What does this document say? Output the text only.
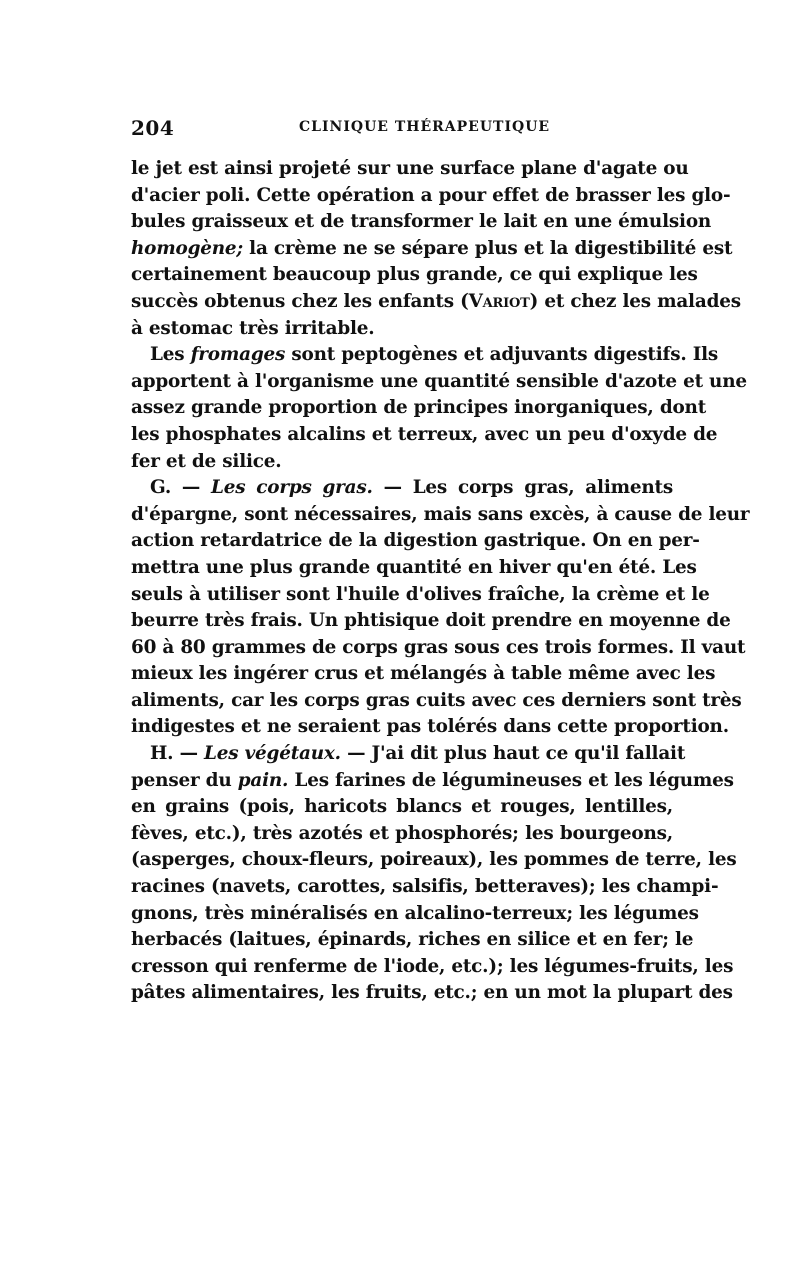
204	CLINIQUE THÉRAPEUTIQUE
le jet est ainsi projeté sur une surface plane d'agate ou
d'acier poli. Cette opération a pour effet de brasser les glo-
bules graisseux et de transformer le lait en une émulsion
homogène; la crème ne se sépare plus et la digestibilité est
certainement beaucoup plus grande, ce qui explique les
succès obtenus chez les enfants (Variot) et chez les malades
à estomac très irritable.
Les fromages sont peptogènes et adjuvants digestifs. Ils
apportent à l'organisme une quantité sensible d'azote et une
assez grande proportion de principes inorganiques, dont
les phosphates alcalins et terreux, avec un peu d'oxyde de
fer et de silice.
G. — Les corps gras. — Les corps gras, aliments
d'épargne, sont nécessaires, mais sans excès, à cause de leur
action retardatrice de la digestion gastrique. On en per-
mettra une plus grande quantité en hiver qu'en été. Les
seuls à utiliser sont l'huile d'olives fraîche, la crème et le
beurre très frais. Un phtisique doit prendre en moyenne de
60 à 80 grammes de corps gras sous ces trois formes. Il vaut
mieux les ingérer crus et mélangés à table même avec les
aliments, car les corps gras cuits avec ces derniers sont très
indigestes et ne seraient pas tolérés dans cette proportion.
H. — Les végétaux. — J'ai dit plus haut ce qu'il fallait
penser du pain. Les farines de légumineuses et les légumes
en grains (pois, haricots blancs et rouges, lentilles,
fèves, etc.), très azotés et phosphorés; les bourgeons,
(asperges, choux-fleurs, poireaux), les pommes de terre, les
racines (navets, carottes, salsifis, betteraves); les champi-
gnons, très minéralisés en alcalino-terreux; les légumes
herbacés (laitues, épinards, riches en silice et en fer; le
cresson qui renferme de l'iode, etc.); les légumes-fruits, les
pâtes alimentaires, les fruits, etc.; en un mot la plupart des
